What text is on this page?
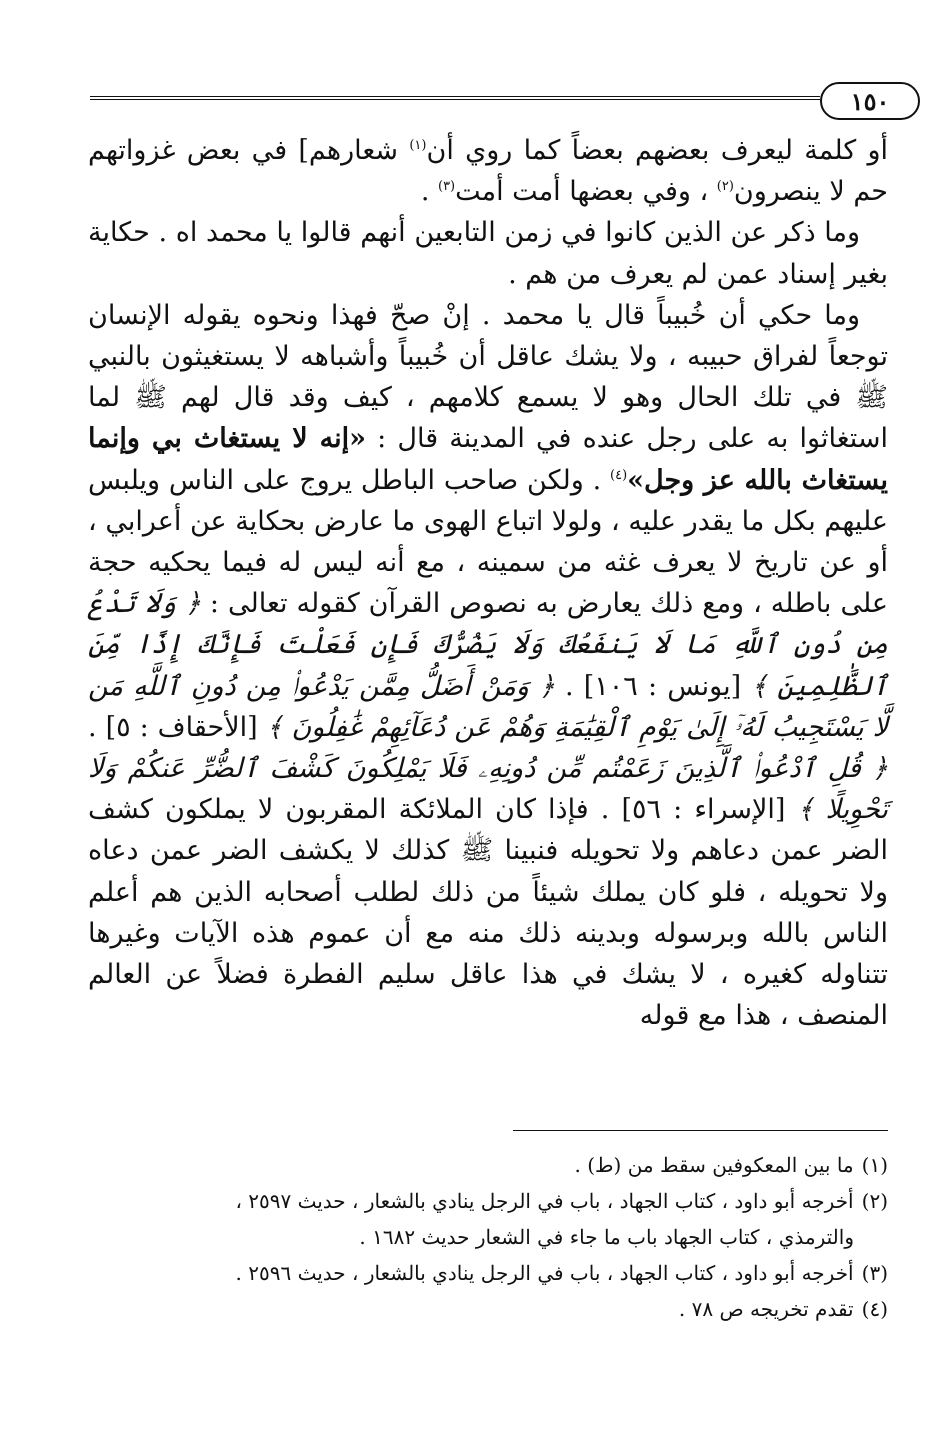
١٥٠

أو كلمة ليعرف بعضهم بعضاً كما روي أن$^{(١)}$ شعارهم] في بعض غزواتهم حم لا ينصرون$^{(٢)}$ ، وفي بعضها أمت أمت$^{(٣)}$ .

وما ذكر عن الذين كانوا في زمن التابعين أنهم قالوا يا محمد اه . حكاية بغير إسناد عمن لم يعرف من هم .

وما حكي أن خُبيباً قال يا محمد . إنْ صحّ فهذا ونحوه يقوله الإنسان توجعاً لفراق حبيبه ، ولا يشك عاقل أن خُبيباً وأشباهه لا يستغيثون بالنبي ﷺ في تلك الحال وهو لا يسمع كلامهم ، كيف وقد قال لهم ﷺ لما استغاثوا به على رجل عنده في المدينة قال : «إنه لا يستغاث بي وإنما يستغاث بالله عز وجل»$^{(٤)}$ . ولكن صاحب الباطل يروج على الناس ويلبس عليهم بكل ما يقدر عليه ، ولولا اتباع الهوى ما عارض بحكاية عن أعرابي ، أو عن تاريخ لا يعرف غثه من سمينه ، مع أنه ليس له فيما يحكيه حجة على باطله ، ومع ذلك يعارض به نصوص القرآن كقوله تعالى : ﴿ وَلَا تَدْعُ مِن دُونِ ٱللَّهِ مَا لَا يَنفَعُكَ وَلَا يَضُرُّكَ فَإِن فَعَلْتَ فَإِنَّكَ إِذًا مِّنَ ٱلظَّٰلِمِينَ ﴾ [يونس : ١٠٦] . ﴿ وَمَنْ أَضَلُّ مِمَّن يَدْعُوا۟ مِن دُونِ ٱللَّهِ مَن لَّا يَسْتَجِيبُ لَهُۥٓ إِلَىٰ يَوْمِ ٱلْقِيَٰمَةِ وَهُمْ عَن دُعَآئِهِمْ غَٰفِلُونَ ﴾ [الأحقاف : ٥] . ﴿ قُلِ ٱدْعُوا۟ ٱلَّذِينَ زَعَمْتُم مِّن دُونِهِۦ فَلَا يَمْلِكُونَ كَشْفَ ٱلضُّرِّ عَنكُمْ وَلَا تَحْوِيلًا ﴾ [الإسراء : ٥٦] . فإذا كان الملائكة المقربون لا يملكون كشف الضر عمن دعاهم ولا تحويله فنبينا ﷺ كذلك لا يكشف الضر عمن دعاه ولا تحويله ، فلو كان يملك شيئاً من ذلك لطلب أصحابه الذين هم أعلم الناس بالله وبرسوله وبدينه ذلك منه مع أن عموم هذه الآيات وغيرها تتناوله كغيره ، لا يشك في هذا عاقل سليم الفطرة فضلاً عن العالم المنصف ، هذا مع قوله

(١)ما بين المعكوفين سقط من (ط) .
(٢)أخرجه أبو داود ، كتاب الجهاد ، باب في الرجل ينادي بالشعار ، حديث ٢٥٩٧ ،
والترمذي ، كتاب الجهاد باب ما جاء في الشعار حديث ١٦٨٢ .
(٣)أخرجه أبو داود ، كتاب الجهاد ، باب في الرجل ينادي بالشعار ، حديث ٢٥٩٦ .
(٤)تقدم تخريجه ص ٧٨ .
